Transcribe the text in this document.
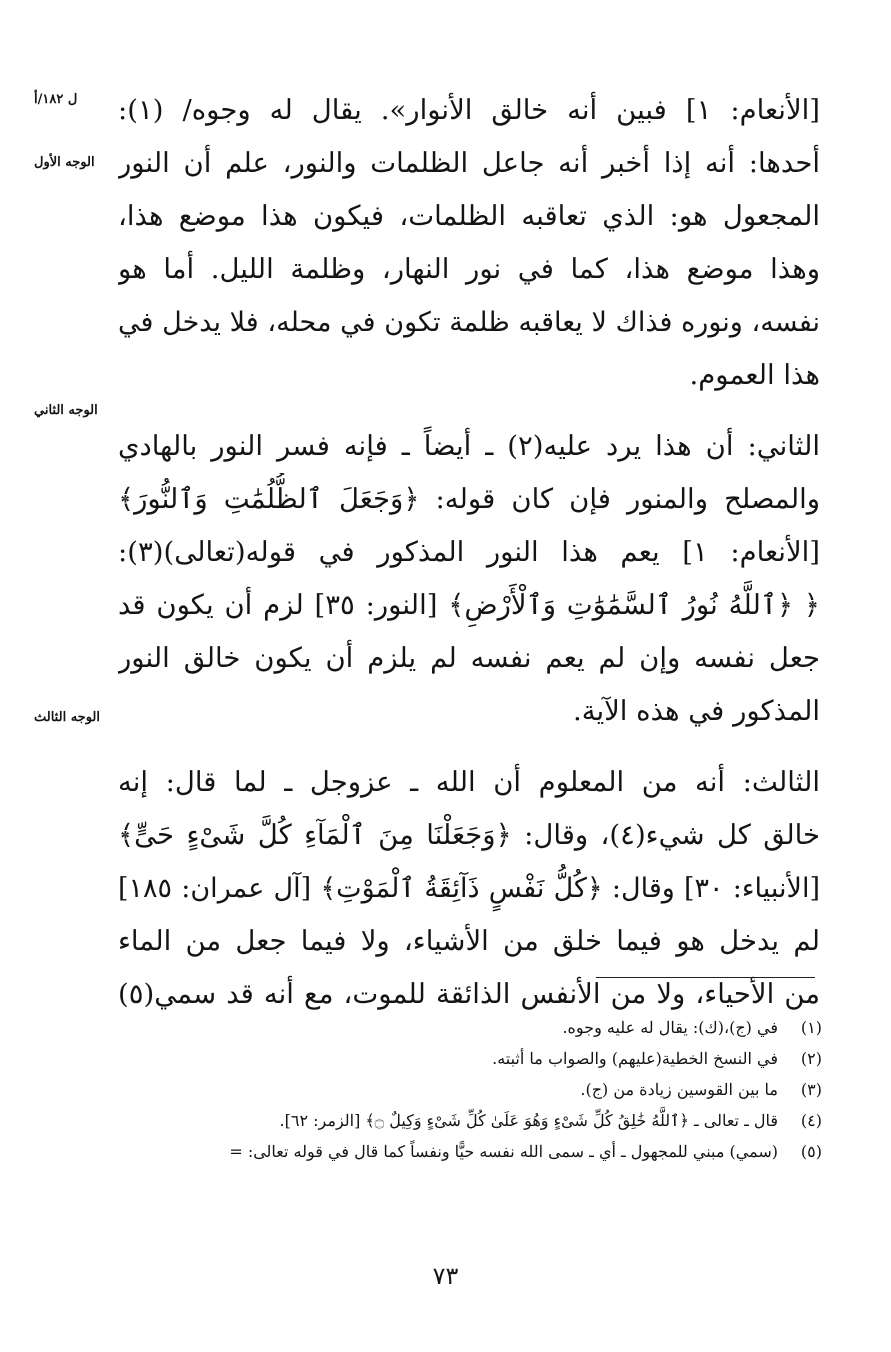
ل ١٨٢/أ
الوجه الأول
الوجه الثاني
الوجه الثالث
[الأنعام: ١] فبين أنه خالق الأنوار». يقال له وجوه/ (١):
أحدها: أنه إذا أخبر أنه جاعل الظلمات والنور، علم أن النور
المجعول هو: الذي تعاقبه الظلمات، فيكون هذا موضع هذا،
وهذا موضع هذا، كما في نور النهار، وظلمة الليل. أما هو
نفسه، ونوره فذاك لا يعاقبه ظلمة تكون في محله، فلا يدخل في
هذا العموم.
الثاني: أن هذا يرد عليه(٢) ـ أيضاً ـ فإنه فسر النور بالهادي
والمصلح والمنور فإن كان قوله: ﴿وَجَعَلَ ٱلظُّلُمَٰتِ وَٱلنُّورَ﴾
[الأنعام: ١] يعم هذا النور المذكور في قوله(تعالى)(٣):
﴿ ﴿ٱللَّهُ نُورُ ٱلسَّمَٰوَٰتِ وَٱلْأَرْضِ﴾ [النور: ٣٥] لزم أن يكون قد
جعل نفسه وإن لم يعم نفسه لم يلزم أن يكون خالق النور
المذكور في هذه الآية.
الثالث: أنه من المعلوم أن الله ـ عزوجل ـ لما قال: إنه
خالق كل شيء(٤)، وقال: ﴿وَجَعَلْنَا مِنَ ٱلْمَآءِ كُلَّ شَىْءٍ حَىٍّ﴾
[الأنبياء: ٣٠] وقال: ﴿كُلُّ نَفْسٍ ذَآئِقَةُ ٱلْمَوْتِ﴾ [آل عمران: ١٨٥]
لم يدخل هو فيما خلق من الأشياء، ولا فيما جعل من الماء
من الأحياء، ولا من الأنفس الذائقة للموت، مع أنه قد سمي(٥)
(١)في (ج)،(ك): يقال له عليه وجوه.
(٢)في النسخ الخطية(عليهم) والصواب ما أثبته.
(٣)ما بين القوسين زيادة من (ج).
(٤)قال ـ تعالى ـ ﴿ٱللَّهُ خَٰلِقُ كُلِّ شَىْءٍ وَهُوَ عَلَىٰ كُلِّ شَىْءٍ وَكِيلٌ ۝﴾ [الزمر: ٦٢].
(٥)(سمي) مبني للمجهول ـ أي ـ سمى الله نفسه حيًّا ونفساً كما قال في قوله تعالى: =
٧٣
